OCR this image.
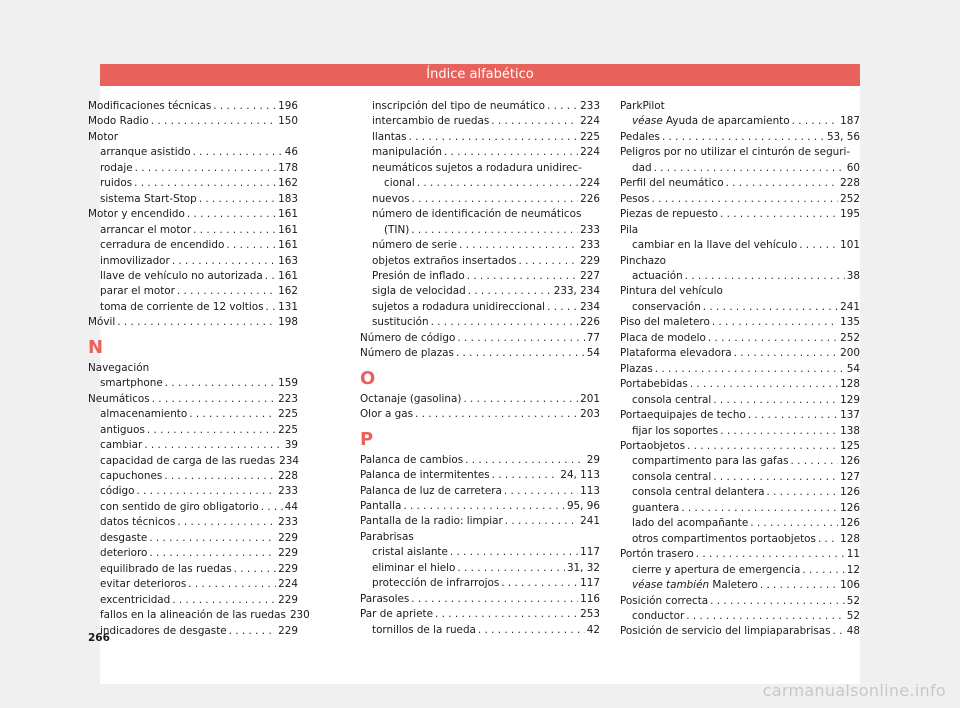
Índice alfabético
Modificaciones técnicas . . .	196
Modo Radio . . .	150
Motor
arranque asistido . . .	46
rodaje . . .	178
ruidos . . .	162
sistema Start-Stop . . .	183
Motor y encendido . . .	161
arrancar el motor . . .	161
cerradura de encendido . . .	161
inmovilizador . . .	163
llave de vehículo no autorizada . . . 161
parar el motor . . .	162
toma de corriente de 12 voltios . . . 131
Móvil . . .	198
N
Navegación
smartphone . . .	159
Neumáticos . . .	223
almacenamiento . . .	225
antiguos . . .	225
cambiar . . .	39
capacidad de carga de las ruedas 234
capuchones . . .	228
código . . .	233
con sentido de giro obligatorio . . .	44
datos técnicos . . .	233
desgaste . . .	229
deterioro . . .	229
equilibrado de las ruedas . . .	229
evitar deterioros . . .	224
excentricidad . . .	229
fallos en la alineación de las ruedas 230
indicadores de desgaste . . .	229
inscripción del tipo de neumático . . .	233
intercambio de ruedas . . .	224
llantas . . .	225
manipulación . . .	224
neumáticos sujetos a rodadura unidirec-
cional . . .	224
nuevos . . .	226
número de identificación de neumáticos
(TIN) . . .	233
número de serie . . .	233
objetos extraños insertados . . .	229
Presión de inflado . . .	227
sigla de velocidad . . .	233, 234
sujetos a rodadura unidireccional . . .	234
sustitución . . .	226
Número de código . . .	77
Número de plazas . . .	54
O
Octanaje (gasolina) . . .	201
Olor a gas . . .	203
P
Palanca de cambios . . .	29
Palanca de intermitentes . . .	24, 113
Palanca de luz de carretera . . .	113
Pantalla . . .	95, 96
Pantalla de la radio: limpiar . . .	241
Parabrisas
cristal aislante . . .	117
eliminar el hielo . . .	31, 32
protección de infrarrojos . . .	117
Parasoles . . .	116
Par de apriete . . .	253
tornillos de la rueda . . .	42
ParkPilot
véase Ayuda de aparcamiento . . .	187
Pedales . . .	53, 56
Peligros por no utilizar el cinturón de seguri-
dad . . .	60
Perfil del neumático . . .	228
Pesos . . .	252
Piezas de repuesto . . .	195
Pila
cambiar en la llave del vehículo . . .	101
Pinchazo
actuación . . .	38
Pintura del vehículo
conservación . . .	241
Piso del maletero . . .	135
Placa de modelo . . .	252
Plataforma elevadora . . .	200
Plazas . . .	54
Portabebidas . . .	128
consola central . . .	129
Portaequipajes de techo . . .	137
fijar los soportes . . .	138
Portaobjetos . . .	125
compartimento para las gafas . . .	126
consola central . . .	127
consola central delantera . . .	126
guantera . . .	126
lado del acompañante . . .	126
otros compartimentos portaobjetos . . . 128
Portón trasero . . .	11
cierre y apertura de emergencia . . .	12
véase también Maletero . . .	106
Posición correcta . . .	52
conductor . . .	52
Posición de servicio del limpiaparabrisas . . . 48
266
carmanualsonline.info
